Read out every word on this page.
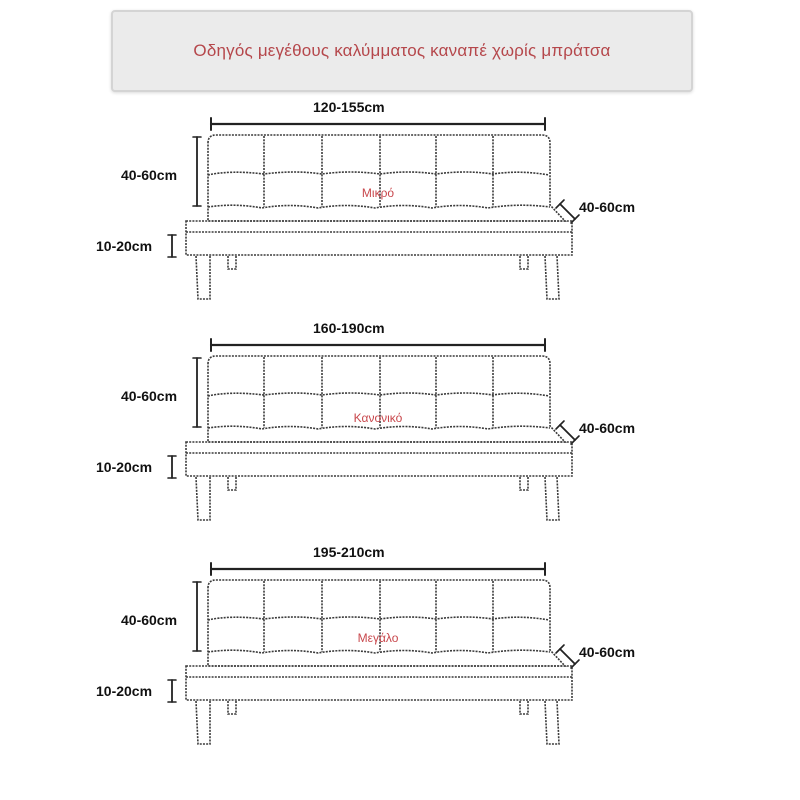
Οδηγός μεγέθους καλύμματος καναπέ χωρίς μπράτσα
120-155cm
40-60cm
40-60cm
10-20cm
Μικρό
160-190cm
40-60cm
40-60cm
10-20cm
Κανονικό
195-210cm
40-60cm
40-60cm
10-20cm
Μεγάλο
